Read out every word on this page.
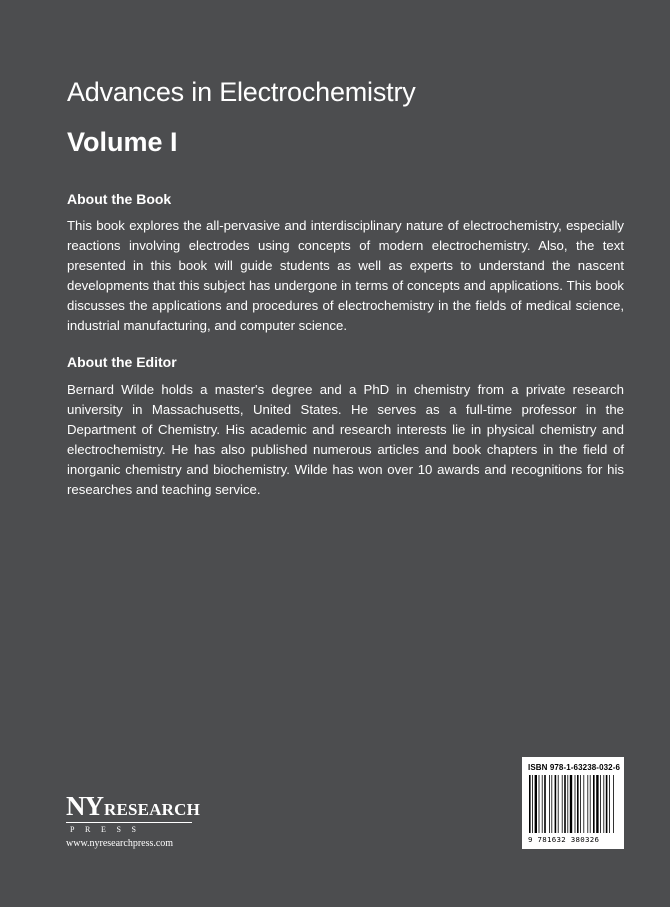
Advances in Electrochemistry
Volume I
About the Book

This book explores the all-pervasive and interdisciplinary nature of electrochemistry, especially reactions involving electrodes using concepts of modern electrochemistry. Also, the text presented in this book will guide students as well as experts to understand the nascent developments that this subject has undergone in terms of concepts and applications. This book discusses the applications and procedures of electrochemistry in the fields of medical science, industrial manufacturing, and computer science.

About the Editor

Bernard Wilde holds a master's degree and a PhD in chemistry from a private research university in Massachusetts, United States. He serves as a full-time professor in the Department of Chemistry. His academic and research interests lie in physical chemistry and electrochemistry. He has also published numerous articles and book chapters in the field of inorganic chemistry and biochemistry. Wilde has won over 10 awards and recognitions for his researches and teaching service.

NY RESEARCH
PRESS
www.nyresearchpress.com
ISBN 978-1-63238-032-6
9 781632 380326
